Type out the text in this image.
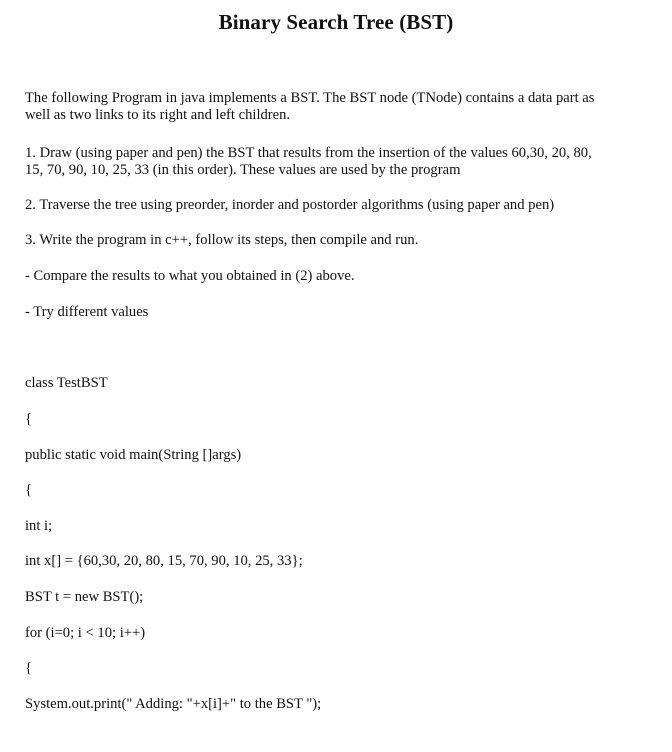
Binary Search Tree (BST)
The following Program in java implements a BST. The BST node (TNode) contains a data part as
well as two links to its right and left children.
1. Draw (using paper and pen) the BST that results from the insertion of the values 60,30, 20, 80,
15, 70, 90, 10, 25, 33 (in this order). These values are used by the program
2. Traverse the tree using preorder, inorder and postorder algorithms (using paper and pen)
3. Write the program in c++, follow its steps, then compile and run.
- Compare the results to what you obtained in (2) above.
- Try different values
class TestBST
{
public static void main(String []args)
{
int i;
int x[] = {60,30, 20, 80, 15, 70, 90, 10, 25, 33};
BST t = new BST();
for (i=0; i < 10; i++)
{
System.out.print(" Adding: "+x[i]+" to the BST ");
